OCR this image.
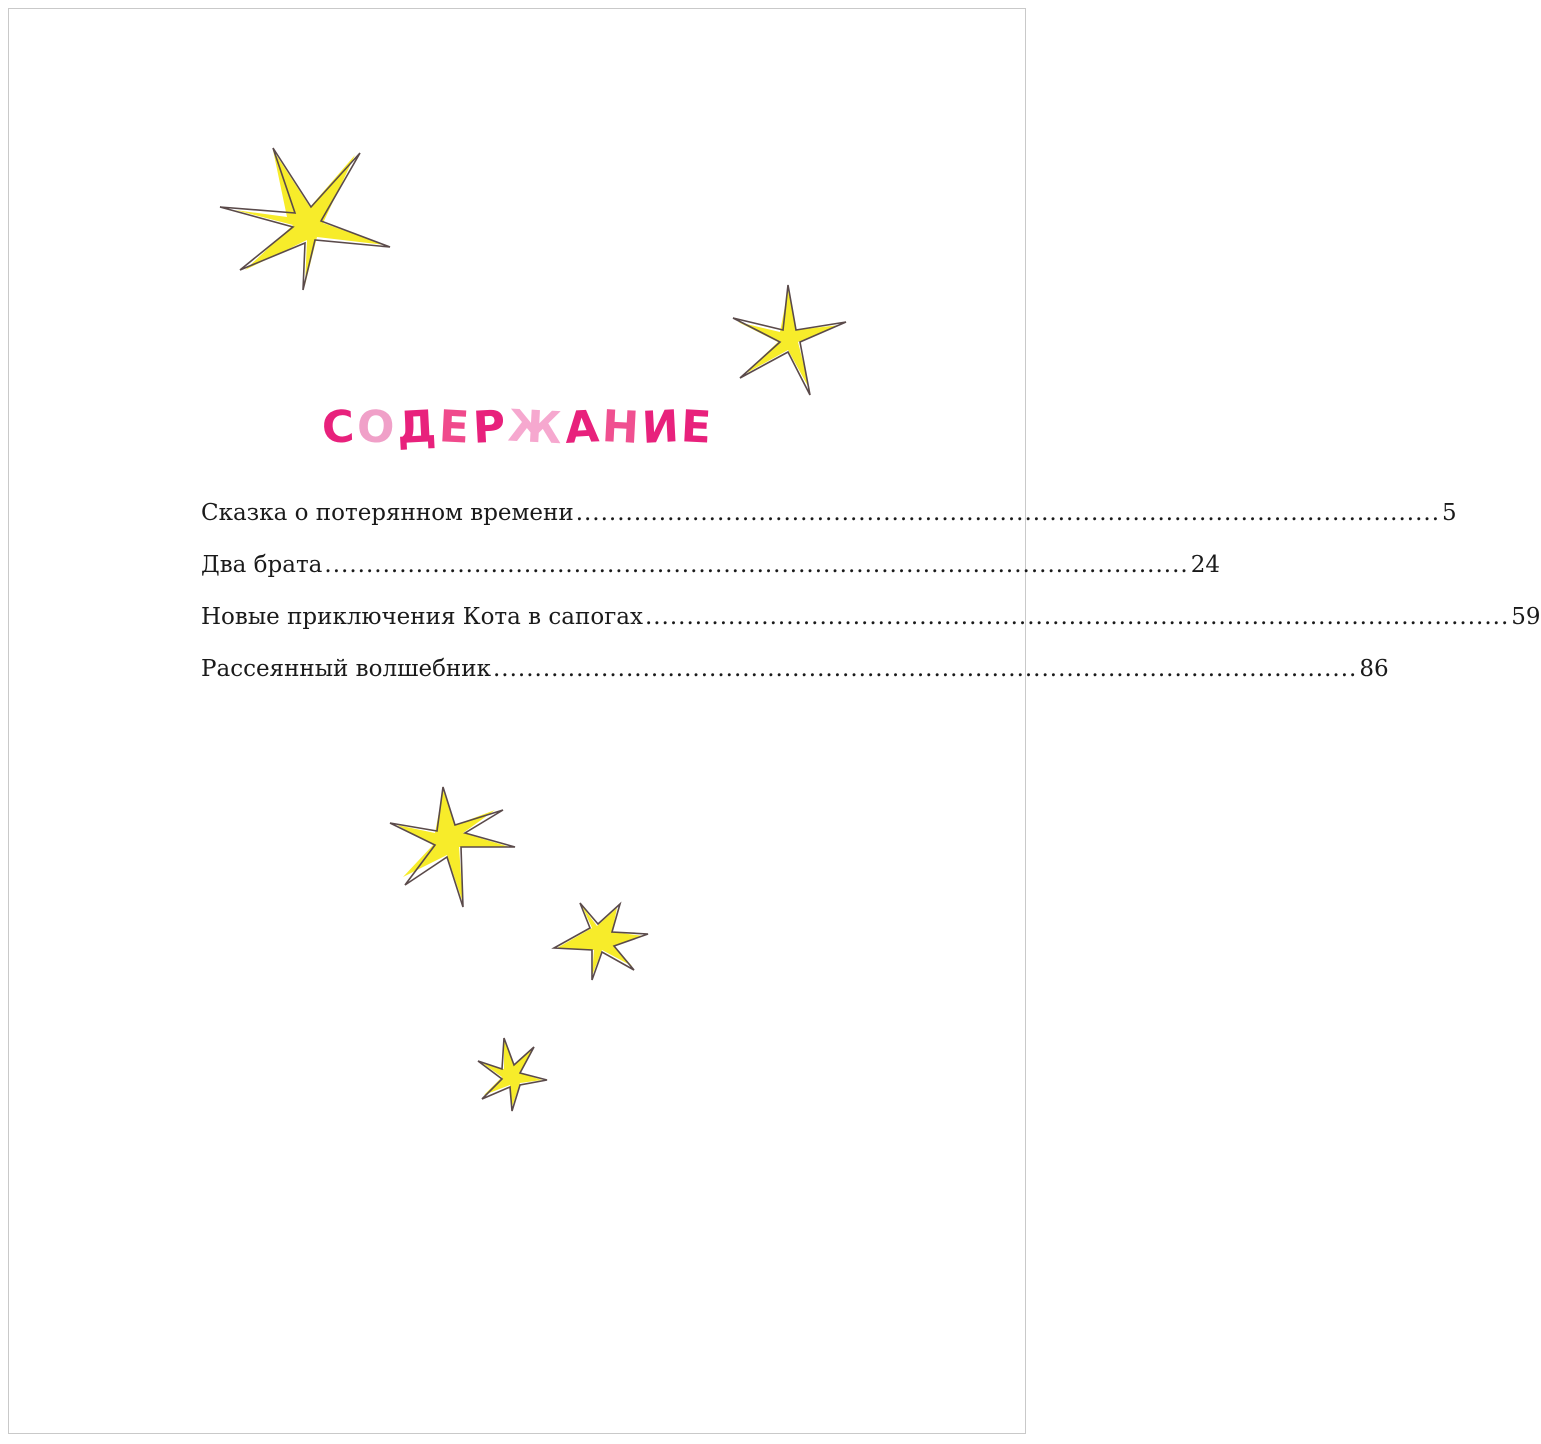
СОДЕРЖАНИЕ
Сказка о потерянном времени ........................................................................................................ 5
Два брата ........................................................................................................ 24
Новые приключения Кота в сапогах ........................................................................................................ 59
Рассеянный волшебник ........................................................................................................ 86
